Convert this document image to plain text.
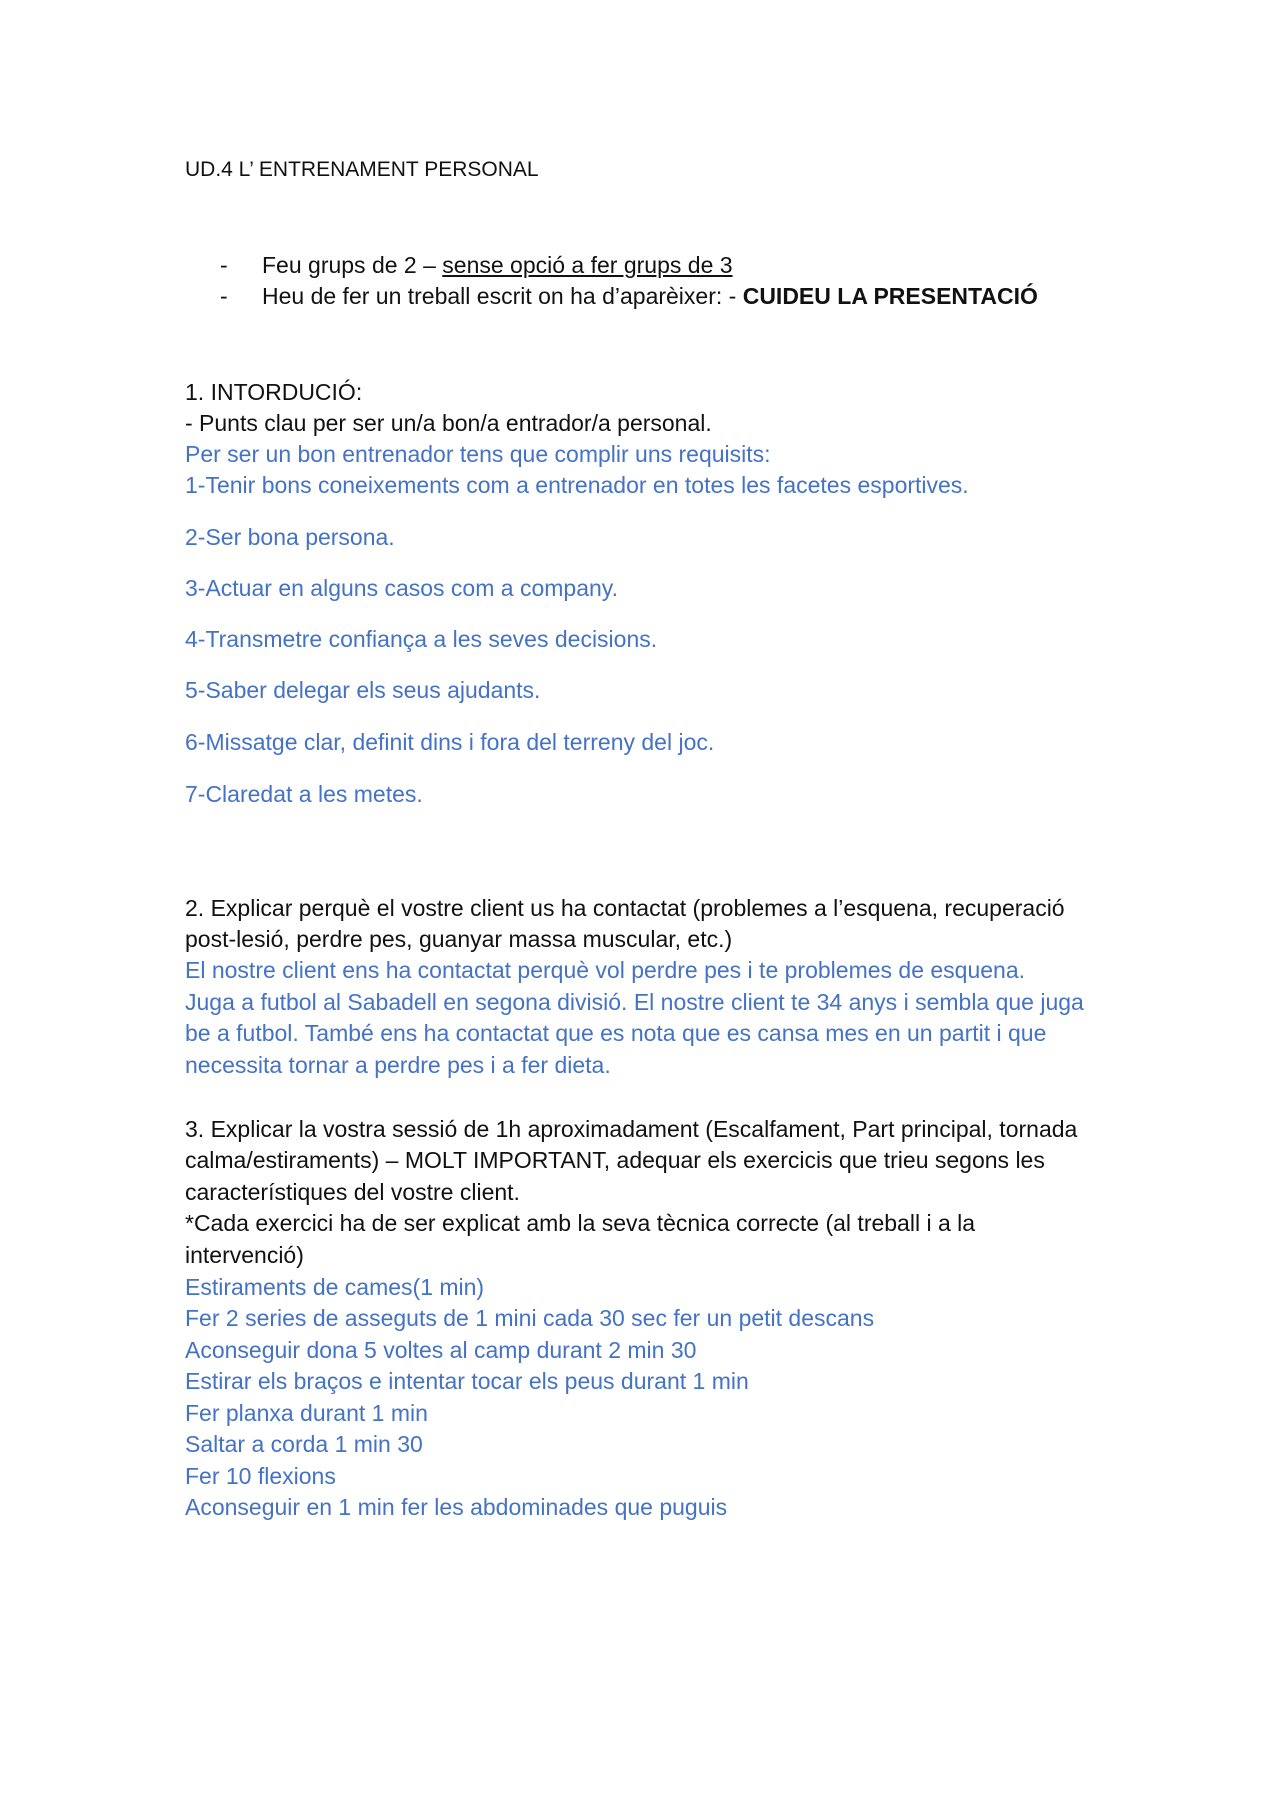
UD.4 L’ ENTRENAMENT PERSONAL
- Feu grups de 2 – sense opció a fer grups de 3
- Heu de fer un treball escrit on ha d’aparèixer: - CUIDEU LA PRESENTACIÓ
1. INTORDUCIÓ:
- Punts clau per ser un/a bon/a entrador/a personal.
Per ser un bon entrenador tens que complir uns requisits:
1-Tenir bons coneixements com a entrenador en totes les facetes esportives.
2-Ser bona persona.
3-Actuar en alguns casos com a company.
4-Transmetre confiança a les seves decisions.
5-Saber delegar els seus ajudants.
6-Missatge clar, definit dins i fora del terreny del joc.
7-Claredat a les metes.
2. Explicar perquè el vostre client us ha contactat (problemes a l’esquena, recuperació
post-lesió, perdre pes, guanyar massa muscular, etc.)
El nostre client ens ha contactat perquè vol perdre pes i te problemes de esquena.
Juga a futbol al Sabadell en segona divisió. El nostre client te 34 anys i sembla que juga
be a futbol. També ens ha contactat que es nota que es cansa mes en un partit i que
necessita tornar a perdre pes i a fer dieta.
3. Explicar la vostra sessió de 1h aproximadament (Escalfament, Part principal, tornada
calma/estiraments) – MOLT IMPORTANT, adequar els exercicis que trieu segons les
característiques del vostre client.
*Cada exercici ha de ser explicat amb la seva tècnica correcte (al treball i a la
intervenció)
Estiraments de cames(1 min)
Fer 2 series de asseguts de 1 mini cada 30 sec fer un petit descans
Aconseguir dona 5 voltes al camp durant 2 min 30
Estirar els braços e intentar tocar els peus durant 1 min
Fer planxa durant 1 min
Saltar a corda 1 min 30
Fer 10 flexions
Aconseguir en 1 min fer les abdominades que puguis
